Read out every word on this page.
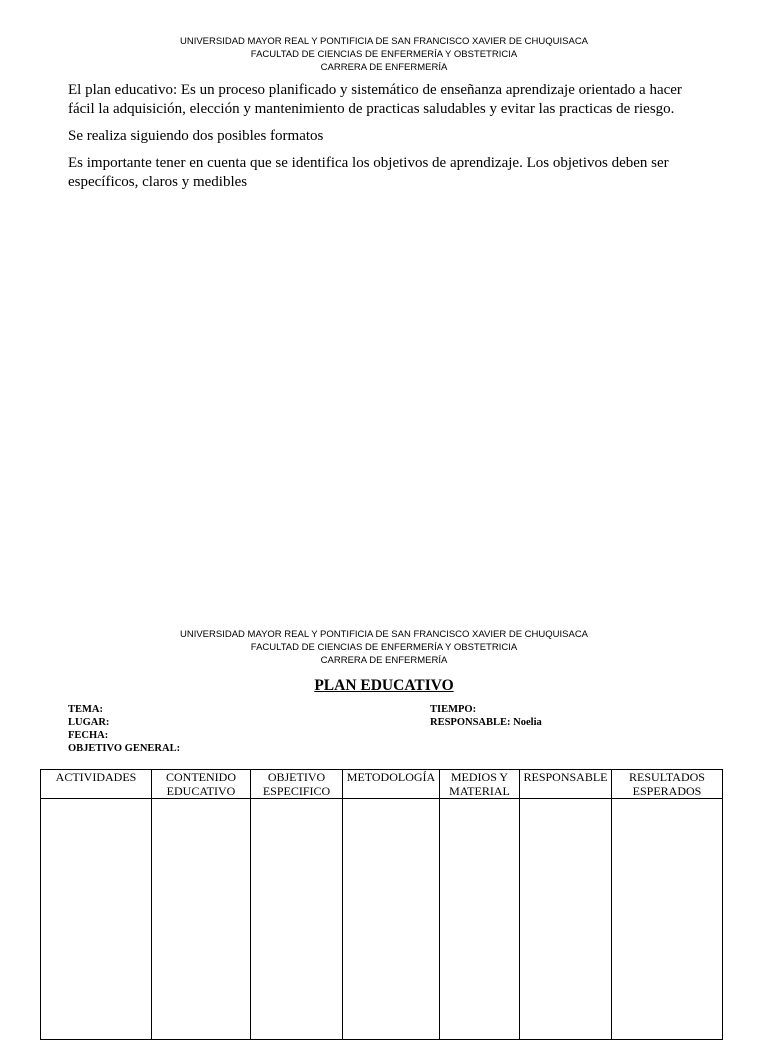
UNIVERSIDAD MAYOR REAL Y PONTIFICIA DE SAN FRANCISCO XAVIER DE CHUQUISACA
FACULTAD DE CIENCIAS DE ENFERMERÍA Y OBSTETRICIA
CARRERA DE ENFERMERÍA

El plan educativo: Es un proceso planificado y sistemático de enseñanza aprendizaje orientado a hacer fácil la adquisición, elección y mantenimiento de practicas saludables y evitar las practicas de riesgo.

Se realiza siguiendo dos posibles formatos

Es importante tener en cuenta que se identifica los objetivos de aprendizaje. Los objetivos deben ser específicos, claros y medibles

UNIVERSIDAD MAYOR REAL Y PONTIFICIA DE SAN FRANCISCO XAVIER DE CHUQUISACA
FACULTAD DE CIENCIAS DE ENFERMERÍA Y OBSTETRICIA
CARRERA DE ENFERMERÍA
PLAN EDUCATIVO
TEMA:
LUGAR:
FECHA:
OBJETIVO GENERAL:
TIEMPO:
RESPONSABLE: Noelia
ACTIVIDADES	CONTENIDO EDUCATIVO	OBJETIVO ESPECIFICO	METODOLOGÍA	MEDIOS Y MATERIAL	RESPONSABLE	RESULTADOS ESPERADOS
